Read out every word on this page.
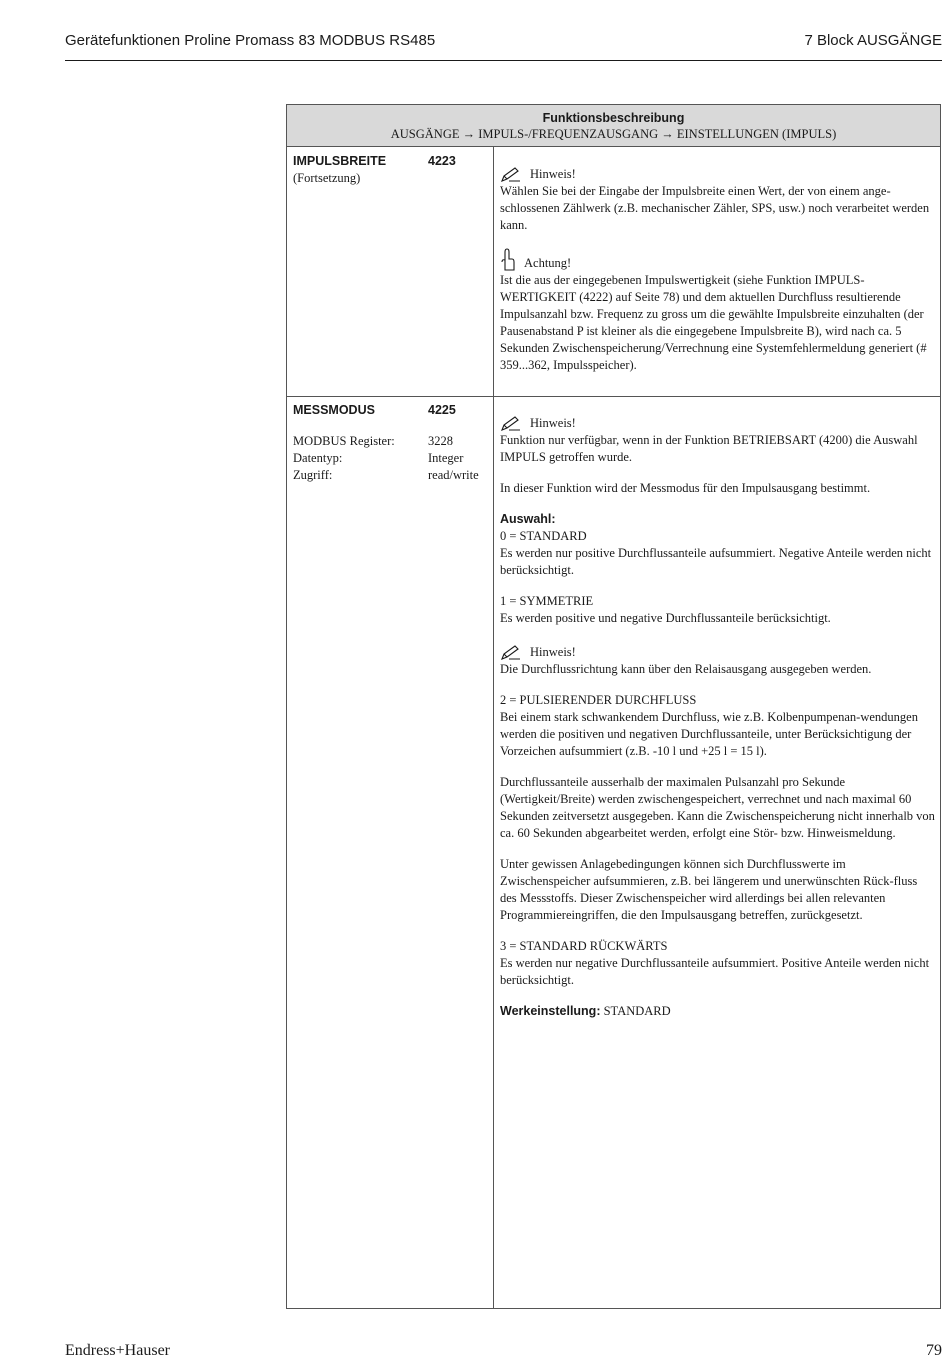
Gerätefunktionen Proline Promass 83 MODBUS RS485	7 Block AUSGÄNGE
Funktionsbeschreibung
AUSGÄNGE → IMPULS-/FREQUENZAUSGANG → EINSTELLUNGEN (IMPULS)
IMPULSBREITE	4223
(Fortsetzung)	Hinweis!

Wählen Sie bei der Eingabe der Impulsbreite einen Wert, der von einem ange-schlossenen Zählwerk (z.B. mechanischer Zähler, SPS, usw.) noch verarbeitet werden kann.

Achtung!

Ist die aus der eingegebenen Impulswertigkeit (siehe Funktion IMPULS-WERTIGKEIT (4222) auf Seite 78) und dem aktuellen Durchfluss resultierende Impulsanzahl bzw. Frequenz zu gross um die gewählte Impulsbreite einzuhalten (der Pausenabstand P ist kleiner als die eingegebene Impulsbreite B), wird nach ca. 5 Sekunden Zwischenspeicherung/Verrechnung eine Systemfehlermeldung generiert (# 359...362, Impulsspeicher).

MESSMODUS	4225
MODBUS Register:	3228
Datentyp:	Integer
Zugriff:	read/write
Hinweis!

Funktion nur verfügbar, wenn in der Funktion BETRIEBSART (4200) die Auswahl IMPULS getroffen wurde.

In dieser Funktion wird der Messmodus für den Impulsausgang bestimmt.

Auswahl:
0 = STANDARD

Es werden nur positive Durchflussanteile aufsummiert. Negative Anteile werden nicht berücksichtigt.

1 = SYMMETRIE

Es werden positive und negative Durchflussanteile berücksichtigt.

Hinweis!

Die Durchflussrichtung kann über den Relaisausgang ausgegeben werden.

2 = PULSIERENDER DURCHFLUSS

Bei einem stark schwankendem Durchfluss, wie z.B. Kolbenpumpenan-wendungen werden die positiven und negativen Durchflussanteile, unter Berücksichtigung der Vorzeichen aufsummiert (z.B. -10 l und +25 l = 15 l).

Durchflussanteile ausserhalb der maximalen Pulsanzahl pro Sekunde (Wertigkeit/Breite) werden zwischengespeichert, verrechnet und nach maximal 60 Sekunden zeitversetzt ausgegeben. Kann die Zwischenspeicherung nicht innerhalb von ca. 60 Sekunden abgearbeitet werden, erfolgt eine Stör- bzw. Hinweismeldung.

Unter gewissen Anlagebedingungen können sich Durchflusswerte im Zwischenspeicher aufsummieren, z.B. bei längerem und unerwünschten Rück-fluss des Messstoffs. Dieser Zwischenspeicher wird allerdings bei allen relevanten Programmiereingriffen, die den Impulsausgang betreffen, zurückgesetzt.

3 = STANDARD RÜCKWÄRTS

Es werden nur negative Durchflussanteile aufsummiert. Positive Anteile werden nicht berücksichtigt.

Werkeinstellung: STANDARD
Endress+Hauser	79
